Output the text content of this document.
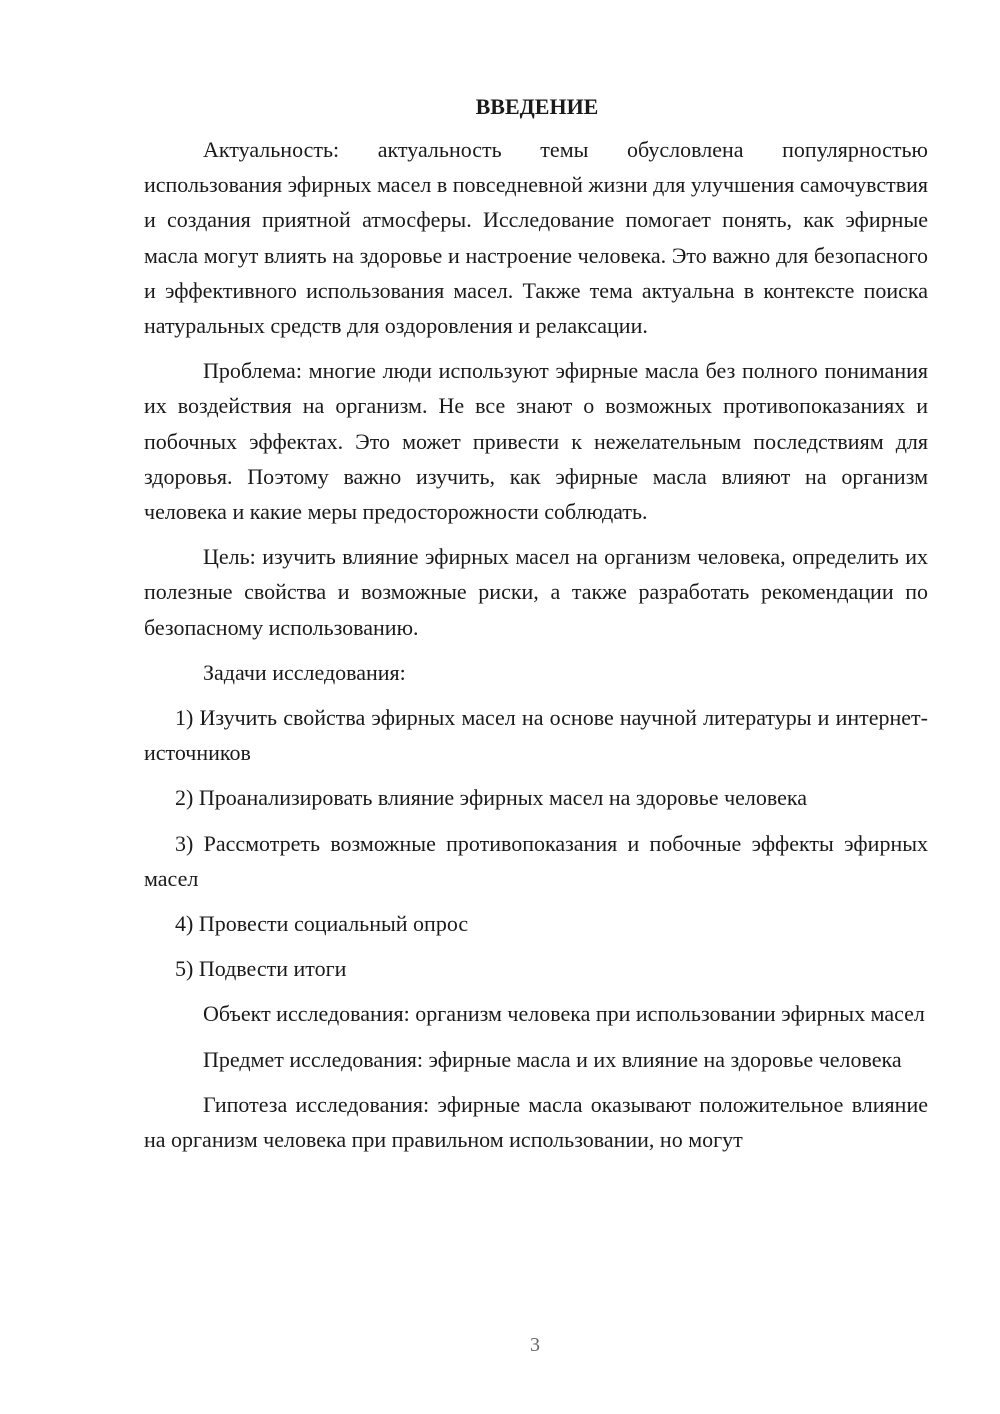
ВВЕДЕНИЕ

Актуальность: актуальность темы обусловлена популярностью использования эфирных масел в повседневной жизни для улучшения самочувствия и создания приятной атмосферы. Исследование помогает понять, как эфирные масла могут влиять на здоровье и настроение человека. Это важно для безопасного и эффективного использования масел. Также тема актуальна в контексте поиска натуральных средств для оздоровления и релаксации.

Проблема: многие люди используют эфирные масла без полного понимания их воздействия на организм. Не все знают о возможных противопоказаниях и побочных эффектах. Это может привести к нежелательным последствиям для здоровья. Поэтому важно изучить, как эфирные масла влияют на организм человека и какие меры предосторожности соблюдать.

Цель: изучить влияние эфирных масел на организм человека, определить их полезные свойства и возможные риски, а также разработать рекомендации по безопасному использованию.

Задачи исследования:

1) Изучить свойства эфирных масел на основе научной литературы и интернет-источников

2) Проанализировать влияние эфирных масел на здоровье человека

3) Рассмотреть возможные противопоказания и побочные эффекты эфирных масел

4) Провести социальный опрос

5) Подвести итоги

Объект исследования: организм человека при использовании эфирных масел

Предмет исследования: эфирные масла и их влияние на здоровье человека

Гипотеза исследования: эфирные масла оказывают положительное влияние на организм человека при правильном использовании, но могут

3
